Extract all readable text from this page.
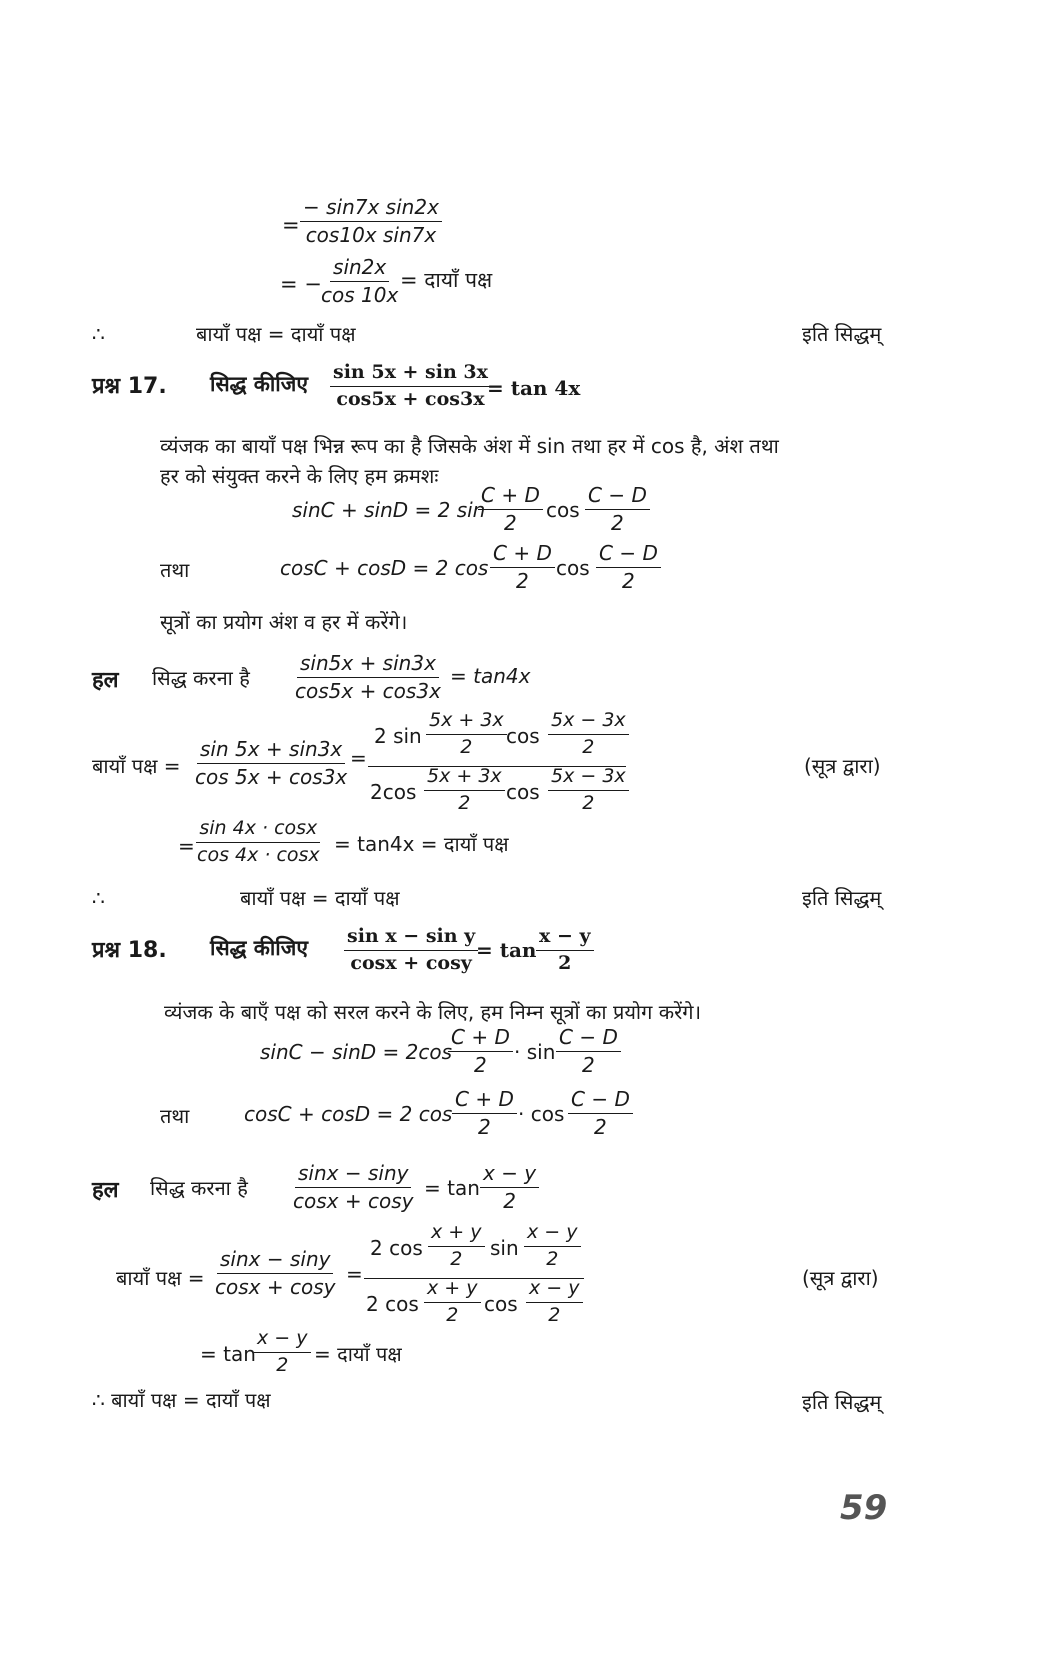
= $\frac{\text{− sin7x sin2x}}{\text{cos10x sin7x}}$
= −
$\frac{\sin 2x}{\cos 10x}$
= दायाँ पक्ष
∴	बायाँ पक्ष = दायाँ पक्ष	इति सिद्धम्
प्रश्न 17. सिद्ध कीजिए $\frac{\sin 5x + \sin 3x}{\cos 5x + \cos 3x}$
= tan 4x
व्यंजक का बायाँ पक्ष भिन्न रूप का है जिसके अंश में sin तथा हर में cos है, अंश तथा
हर को संयुक्त करने के लिए हम क्रमशः
sinC + sinD = 2 sin
$\frac{C + D}{2}$ $\cos \frac{C - D}{2}$
तथा	cosC + cosD = 2 $\cos \frac{C + D}{2}$ $\cos \frac{C - D}{2}$
सूत्रों का प्रयोग अंश व हर में करेंगे।
हल सिद्ध करना है $\frac{\sin 5x + \sin 3x}{\cos 5x + \cos 3x} = \tan 4x$
बायाँ पक्ष = $\frac{\sin 5x + \sin 3x}{\cos 5x + \cos 3x}$ =
2 $\sin \frac{5x + 3x}{2}$ $\cos \frac{5x - 3x}{2}$
$2\cos \frac{5x + 3x}{2}$ $\cos \frac{5x - 3x}{2}$	(सूत्र द्वारा)
= $\frac{\sin 4x \cdot \cos x}{\cos 4x \cdot \cos x} = \tan 4x$ = दायाँ पक्ष
∴	बायाँ पक्ष = दायाँ पक्ष	इति सिद्धम्
प्रश्न 18. सिद्ध कीजिए $\frac{\text{sin x − sin y}}{\cos x + \cos y}$
= $\tan \frac{x - y}{2}$
व्यंजक के बाएँ पक्ष को सरल करने के लिए, हम निम्न सूत्रों का प्रयोग करेंगे।
sinC − sinD = 2cos
$\frac{C + D}{2} \cdot \sin \frac{C - D}{2}$
तथा	cosC + cosD = 2 $\cos \frac{C + D}{2} \cdot \cos \frac{C - D}{2}$
हल सिद्ध करना है $\frac{\sin x - \sin y}{\cos x + \cos y} = \tan \frac{x - y}{2}$
बायाँ पक्ष = $\frac{\sin x - \sin y}{\cos x + \cos y}$ =
2 $\cos \frac{x + y}{2}$ $\sin \frac{x - y}{2}$
2 $\cos \frac{x + y}{2}$ $\cos \frac{x - y}{2}$	(सूत्र द्वारा)
= tan
$\frac{x - y}{2}$ = दायाँ पक्ष
∴ बायाँ पक्ष = दायाँ पक्ष	इति सिद्धम्
59
